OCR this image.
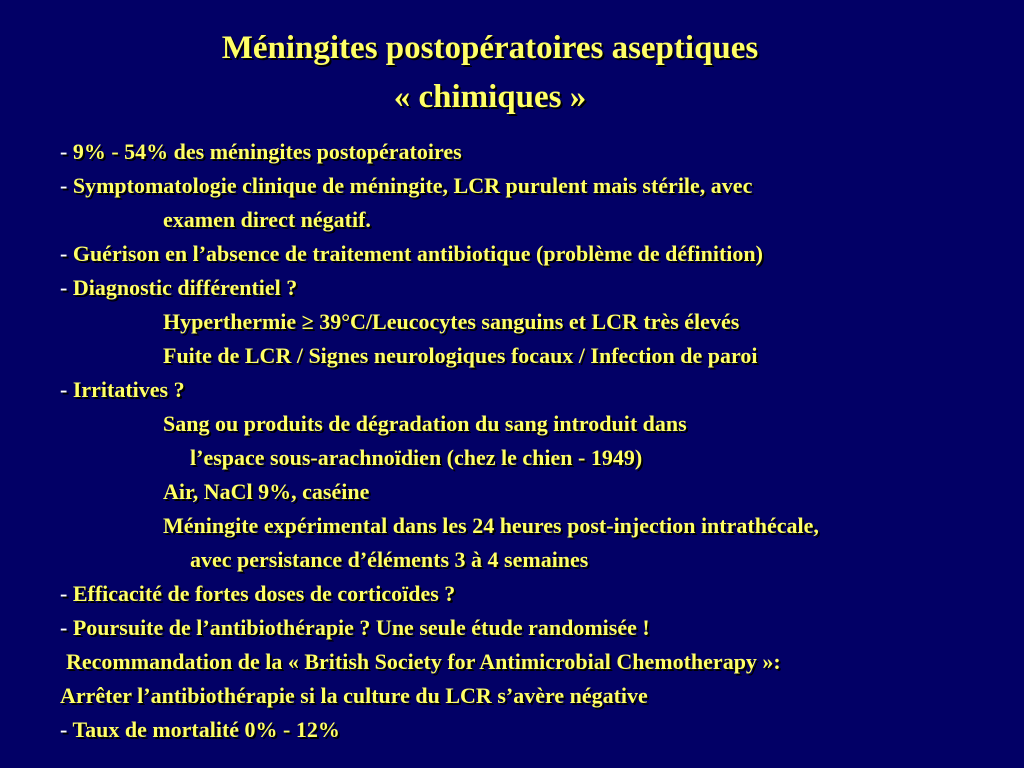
Méningites postopératoires aseptiques
« chimiques »
- 9% - 54% des méningites postopératoires
- Symptomatologie clinique de méningite, LCR purulent mais stérile, avec
examen direct négatif.
- Guérison en l’absence de traitement antibiotique (problème de définition)
- Diagnostic différentiel ?
Hyperthermie ≥ 39°C/Leucocytes sanguins et LCR très élevés
Fuite de LCR / Signes neurologiques focaux / Infection de paroi
- Irritatives ?
Sang ou produits de dégradation du sang introduit dans
l’espace sous-arachnoïdien (chez le chien - 1949)
Air, NaCl 9%, caséine
Méningite expérimental dans les 24 heures post-injection intrathécale,
avec persistance d’éléments 3 à 4 semaines
- Efficacité de fortes doses de corticoïdes ?
- Poursuite de l’antibiothérapie ? Une seule étude randomisée !
Recommandation de la « British Society for Antimicrobial Chemotherapy »:
Arrêter l’antibiothérapie si la culture du LCR s’avère négative
- Taux de mortalité 0% - 12%
